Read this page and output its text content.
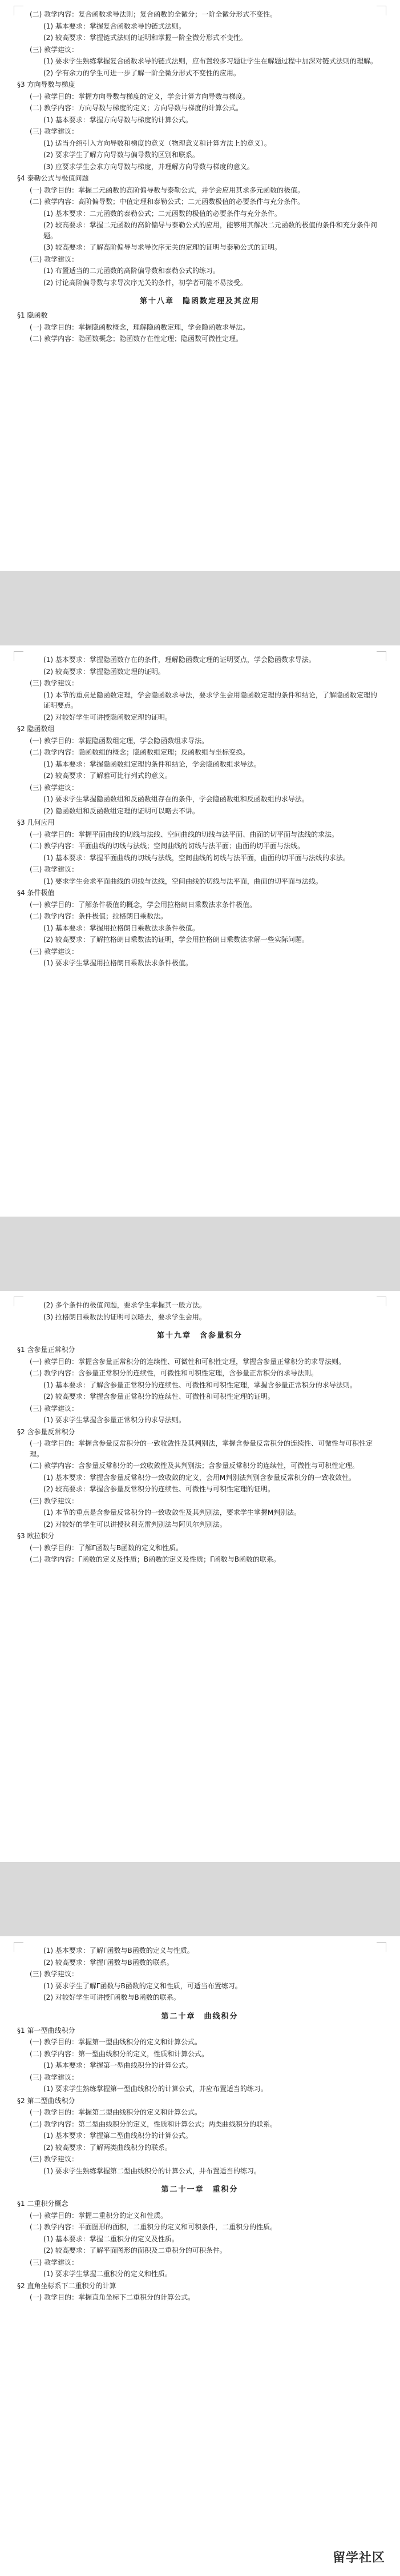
(二) 教学内容：复合函数求导法则；复合函数的全微分；一阶全微分形式不变性。
(1) 基本要求：掌握复合函数求导的链式法则。
(2) 较高要求：掌握链式法则的证明和掌握一阶全微分形式不变性。
(三) 教学建议：
(1) 要求学生熟练掌握复合函数求导的链式法则，应布置较多习题让学生在解题过程中加深对链式法则的理解。
(2) 学有余力的学生可进一步了解一阶全微分形式不变性的应用。
§3 方向导数与梯度
(一) 教学目的：掌握方向导数与梯度的定义，学会计算方向导数与梯度。
(二) 教学内容：方向导数与梯度的定义；方向导数与梯度的计算公式。
(1) 基本要求：掌握方向导数与梯度的计算公式。
(三) 教学建议：
(1) 适当介绍引入方向导数和梯度的意义（物理意义和计算方法上的意义）。
(2) 要求学生了解方向导数与偏导数的区别和联系。
(3) 应要求学生会求方向导数与梯度，并理解方向导数与梯度的意义。
§4 泰勒公式与极值问题
(一) 教学目的：掌握二元函数的高阶偏导数与泰勒公式，并学会应用其求多元函数的极值。
(二) 教学内容：高阶偏导数；中值定理和泰勒公式；二元函数极值的必要条件与充分条件。
(1) 基本要求：二元函数的泰勒公式；二元函数的极值的必要条件与充分条件。
(2) 较高要求：掌握二元函数的高阶偏导与泰勒公式的应用，能够用其解决二元函数的极值的条件和充分条件问题。
(3) 较高要求：了解高阶偏导与求导次序无关的定理的证明与泰勒公式的证明。
(三) 教学建议：
(1) 布置适当的二元函数的高阶偏导数和泰勒公式的练习。
(2) 讨论高阶偏导数与求导次序无关的条件，初学者可能不易接受。
第十八章　隐函数定理及其应用
§1 隐函数
(一) 教学目的：掌握隐函数概念，理解隐函数定理，学会隐函数求导法。
(二) 教学内容：隐函数概念；隐函数存在性定理；隐函数可微性定理。
(1) 基本要求：掌握隐函数存在的条件，理解隐函数定理的证明要点，学会隐函数求导法。
(2) 较高要求：掌握隐函数定理的证明。
(三) 教学建议：
(1) 本节的重点是隐函数定理，学会隐函数求导法，要求学生会用隐函数定理的条件和结论，了解隐函数定理的证明要点。
(2) 对较好学生可讲授隐函数定理的证明。
§2 隐函数组
(一) 教学目的：掌握隐函数组定理，学会隐函数组求导法。
(二) 教学内容：隐函数组的概念；隐函数组定理；反函数组与坐标变换。
(1) 基本要求：掌握隐函数组定理的条件和结论，学会隐函数组求导法。
(2) 较高要求：了解雅可比行列式的意义。
(三) 教学建议：
(1) 要求学生掌握隐函数组和反函数组存在的条件，学会隐函数组和反函数组的求导法。
(2) 隐函数组和反函数组定理的证明可以略去不讲。
§3 几何应用
(一) 教学目的：掌握平面曲线的切线与法线、空间曲线的切线与法平面、曲面的切平面与法线的求法。
(二) 教学内容：平面曲线的切线与法线；空间曲线的切线与法平面；曲面的切平面与法线。
(1) 基本要求：掌握平面曲线的切线与法线，空间曲线的切线与法平面，曲面的切平面与法线的求法。
(三) 教学建议：
(1) 要求学生会求平面曲线的切线与法线，空间曲线的切线与法平面，曲面的切平面与法线。
§4 条件极值
(一) 教学目的：了解条件极值的概念，学会用拉格朗日乘数法求条件极值。
(二) 教学内容：条件极值；拉格朗日乘数法。
(1) 基本要求：掌握用拉格朗日乘数法求条件极值。
(2) 较高要求：了解拉格朗日乘数法的证明，学会用拉格朗日乘数法求解一些实际问题。
(三) 教学建议：
(1) 要求学生掌握用拉格朗日乘数法求条件极值。
(2) 多个条件的极值问题，要求学生掌握其一般方法。
(3) 拉格朗日乘数法的证明可以略去，要求学生会用。
第十九章　含参量积分
§1 含参量正常积分
(一) 教学目的：掌握含参量正常积分的连续性、可微性和可积性定理，掌握含参量正常积分的求导法则。
(二) 教学内容：含参量正常积分的连续性，可微性和可积性定理，含参量正常积分的求导法则。
(1) 基本要求：了解含参量正常积分的连续性、可微性和可积性定理，掌握含参量正常积分的求导法则。
(2) 较高要求：掌握含参量正常积分的连续性、可微性和可积性定理的证明。
(三) 教学建议：
(1) 要求学生掌握含参量正常积分的求导法则。
§2 含参量反常积分
(一) 教学目的：掌握含参量反常积分的一致收敛性及其判别法，掌握含参量反常积分的连续性、可微性与可积性定理。
(二) 教学内容：含参量反常积分的一致收敛性及其判别法；含参量反常积分的连续性，可微性与可积性定理。
(1) 基本要求：掌握含参量反常积分一致收敛的定义，会用M判别法判别含参量反常积分的一致收敛性。
(2) 较高要求：掌握含参量反常积分的连续性、可微性与可积性定理的证明。
(三) 教学建议：
(1) 本节的重点是含参量反常积分的一致收敛性及其判别法，要求学生掌握M判别法。
(2) 对较好的学生可以讲授狄利克雷判别法与阿贝尔判别法。
§3 欧拉积分
(一) 教学目的：了解Γ函数与B函数的定义和性质。
(二) 教学内容：Γ函数的定义及性质；B函数的定义及性质；Γ函数与B函数的联系。
(1) 基本要求：了解Γ函数与B函数的定义与性质。
(2) 较高要求：掌握Γ函数与B函数的联系。
(三) 教学建议：
(1) 要求学生了解Γ函数与B函数的定义和性质，可适当布置练习。
(2) 对较好学生可讲授Γ函数与B函数的联系。
第二十章　曲线积分
§1 第一型曲线积分
(一) 教学目的：掌握第一型曲线积分的定义和计算公式。
(二) 教学内容：第一型曲线积分的定义，性质和计算公式。
(1) 基本要求：掌握第一型曲线积分的计算公式。
(三) 教学建议：
(1) 要求学生熟练掌握第一型曲线积分的计算公式，并应布置适当的练习。
§2 第二型曲线积分
(一) 教学目的：掌握第二型曲线积分的定义和计算公式。
(二) 教学内容：第二型曲线积分的定义，性质和计算公式；两类曲线积分的联系。
(1) 基本要求：掌握第二型曲线积分的计算公式。
(2) 较高要求：了解两类曲线积分的联系。
(三) 教学建议：
(1) 要求学生熟练掌握第二型曲线积分的计算公式，并布置适当的练习。
第二十一章　重积分
§1 二重积分概念
(一) 教学目的：掌握二重积分的定义和性质。
(二) 教学内容：平面图形的面积，二重积分的定义和可积条件，二重积分的性质。
(1) 基本要求：掌握二重积分的定义及性质。
(2) 较高要求：了解平面图形的面积及二重积分的可积条件。
(三) 教学建议：
(1) 要求学生掌握二重积分的定义和性质。
§2 直角坐标系下二重积分的计算
(一) 教学目的：掌握直角坐标下二重积分的计算公式。
留学社区
